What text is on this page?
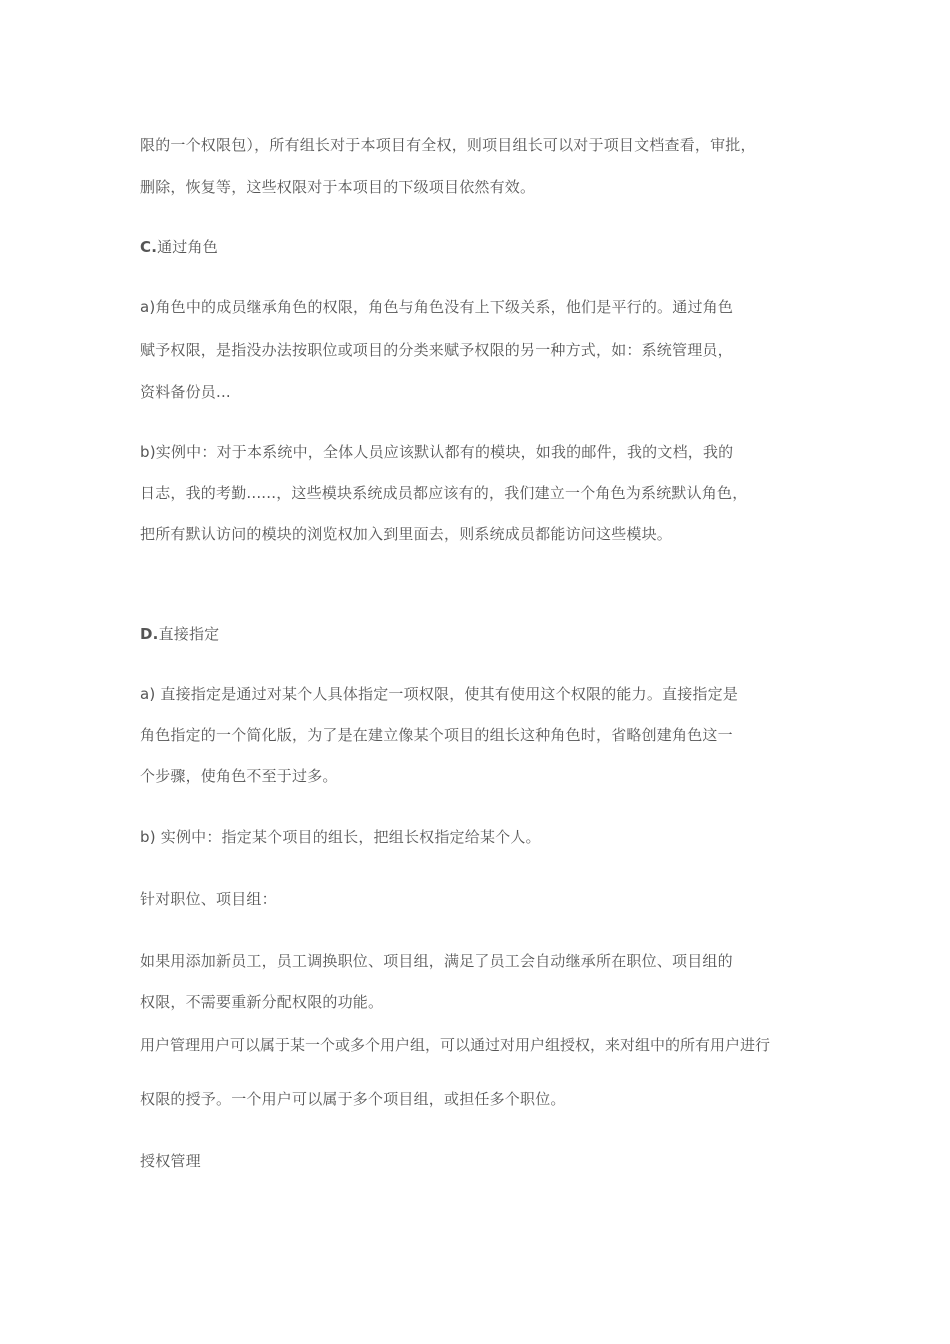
限的一个权限包），所有组长对于本项目有全权，则项目组长可以对于项目文档查看，审批，
删除，恢复等，这些权限对于本项目的下级项目依然有效。
C.通过角色
a)角色中的成员继承角色的权限，角色与角色没有上下级关系，他们是平行的。通过角色
赋予权限，是指没办法按职位或项目的分类来赋予权限的另一种方式，如：系统管理员，
资料备份员...
b)实例中：对于本系统中，全体人员应该默认都有的模块，如我的邮件，我的文档，我的
日志，我的考勤......，这些模块系统成员都应该有的，我们建立一个角色为系统默认角色，
把所有默认访问的模块的浏览权加入到里面去，则系统成员都能访问这些模块。
D.直接指定
a) 直接指定是通过对某个人具体指定一项权限，使其有使用这个权限的能力。直接指定是
角色指定的一个简化版，为了是在建立像某个项目的组长这种角色时，省略创建角色这一
个步骤，使角色不至于过多。
b) 实例中：指定某个项目的组长，把组长权指定给某个人。
针对职位、项目组：
如果用添加新员工，员工调换职位、项目组，满足了员工会自动继承所在职位、项目组的
权限，不需要重新分配权限的功能。
用户管理用户可以属于某一个或多个用户组，可以通过对用户组授权，来对组中的所有用户进行
权限的授予。一个用户可以属于多个项目组，或担任多个职位。
授权管理
